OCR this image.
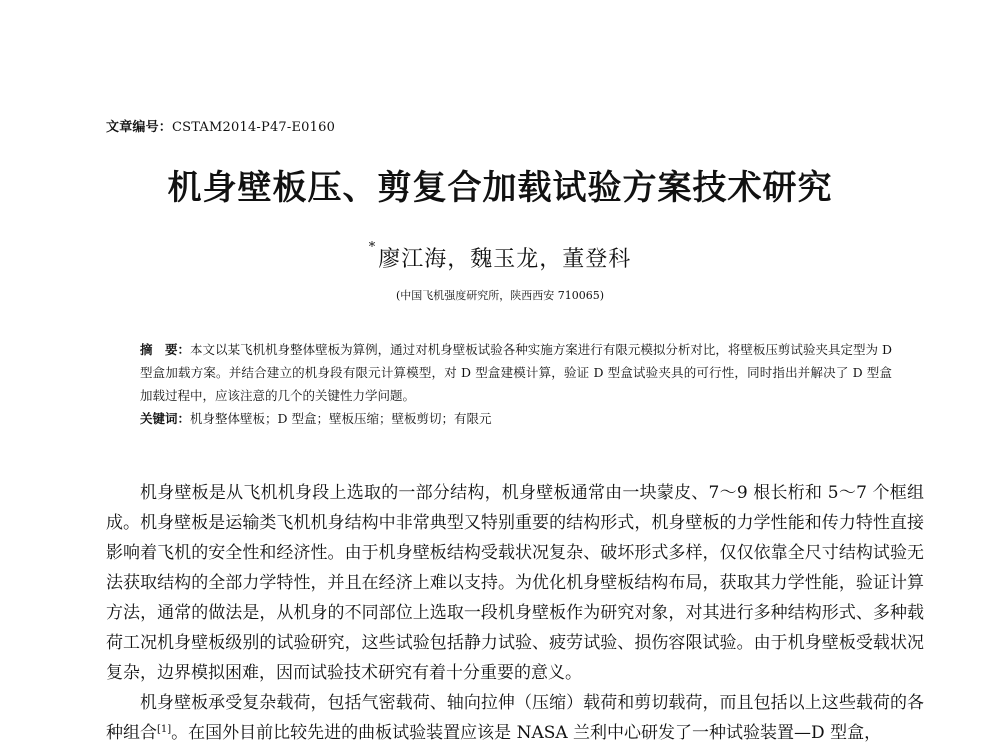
文章编号：CSTAM2014-P47-E0160
机身壁板压、剪复合加载试验方案技术研究
*廖江海，魏玉龙，董登科
(中国飞机强度研究所，陕西西安 710065)
摘　要：本文以某飞机机身整体壁板为算例，通过对机身壁板试验各种实施方案进行有限元模拟分析对比，将壁板压剪试验夹具定型为 D 型盒加载方案。并结合建立的机身段有限元计算模型，对 D 型盒建模计算，验证 D 型盒试验夹具的可行性，同时指出并解决了 D 型盒加载过程中，应该注意的几个的关键性力学问题。
关键词：机身整体壁板；D 型盒；壁板压缩；壁板剪切；有限元

机身壁板是从飞机机身段上选取的一部分结构，机身壁板通常由一块蒙皮、7～9 根长桁和 5～7 个框组成。机身壁板是运输类飞机机身结构中非常典型又特别重要的结构形式，机身壁板的力学性能和传力特性直接影响着飞机的安全性和经济性。由于机身壁板结构受载状况复杂、破坏形式多样，仅仅依靠全尺寸结构试验无法获取结构的全部力学特性，并且在经济上难以支持。为优化机身壁板结构布局，获取其力学性能，验证计算方法，通常的做法是，从机身的不同部位上选取一段机身壁板作为研究对象，对其进行多种结构形式、多种载荷工况机身壁板级别的试验研究，这些试验包括静力试验、疲劳试验、损伤容限试验。由于机身壁板受载状况复杂，边界模拟困难，因而试验技术研究有着十分重要的意义。

机身壁板承受复杂载荷，包括气密载荷、轴向拉伸（压缩）载荷和剪切载荷，而且包括以上这些载荷的各种组合[1]。在国外目前比较先进的曲板试验装置应该是 NASA 兰利中心研发了一种试验装置—D 型盒，
